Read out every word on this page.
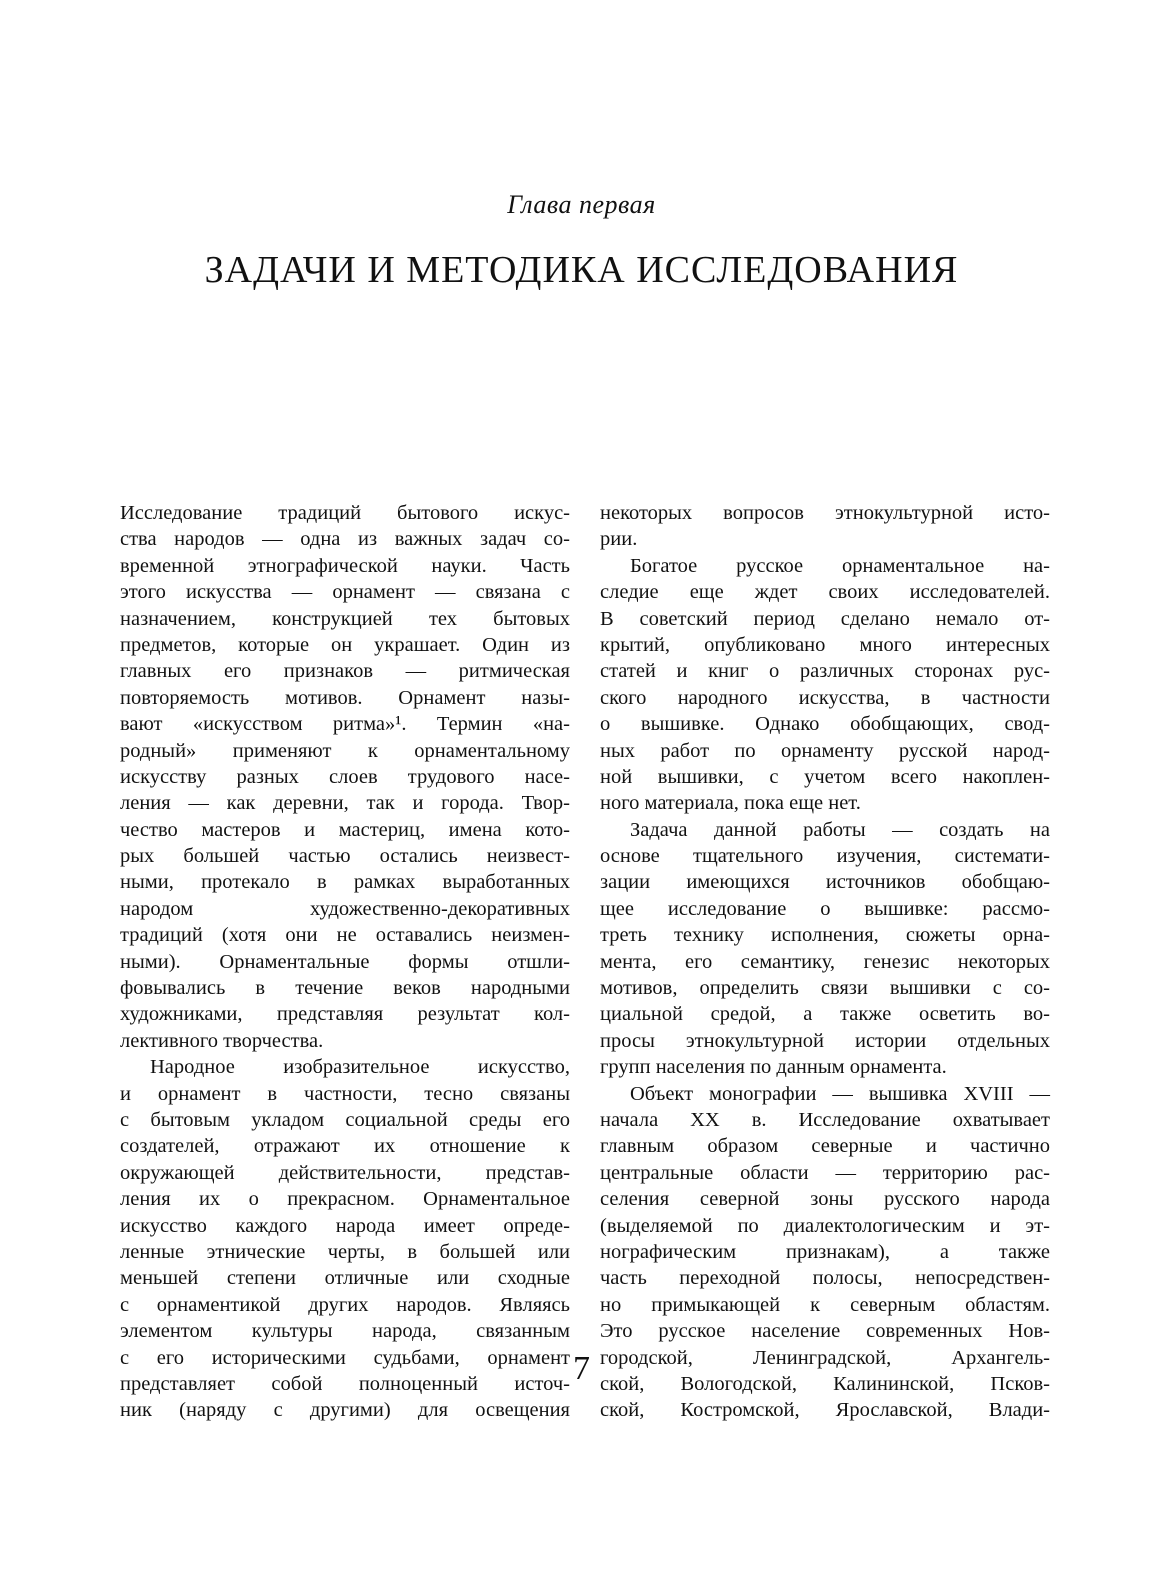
Глава первая
ЗАДАЧИ И МЕТОДИКА ИССЛЕДОВАНИЯ
Исследование традиций бытового искус-
ства народов — одна из важных задач со-
временной этнографической науки. Часть
этого искусства — орнамент — связана с
назначением, конструкцией тех бытовых
предметов, которые он украшает. Один из
главных его признаков — ритмическая
повторяемость мотивов. Орнамент назы-
вают «искусством ритма»¹. Термин «на-
родный» применяют к орнаментальному
искусству разных слоев трудового насе-
ления — как деревни, так и города. Твор-
чество мастеров и мастериц, имена кото-
рых большей частью остались неизвест-
ными, протекало в рамках выработанных
народом художественно-декоративных
традиций (хотя они не оставались неизмен-
ными). Орнаментальные формы отшли-
фовывались в течение веков народными
художниками, представляя результат кол-
лективного творчества.
Народное изобразительное искусство,
и орнамент в частности, тесно связаны
с бытовым укладом социальной среды его
создателей, отражают их отношение к
окружающей действительности, представ-
ления их о прекрасном. Орнаментальное
искусство каждого народа имеет опреде-
ленные этнические черты, в большей или
меньшей степени отличные или сходные
с орнаментикой других народов. Являясь
элементом культуры народа, связанным
с его историческими судьбами, орнамент
представляет собой полноценный источ-
ник (наряду с другими) для освещения
некоторых вопросов этнокультурной исто-
рии.
Богатое русское орнаментальное на-
следие еще ждет своих исследователей.
В советский период сделано немало от-
крытий, опубликовано много интересных
статей и книг о различных сторонах рус-
ского народного искусства, в частности
о вышивке. Однако обобщающих, свод-
ных работ по орнаменту русской народ-
ной вышивки, с учетом всего накоплен-
ного материала, пока еще нет.
Задача данной работы — создать на
основе тщательного изучения, системати-
зации имеющихся источников обобщаю-
щее исследование о вышивке: рассмо-
треть технику исполнения, сюжеты орна-
мента, его семантику, генезис некоторых
мотивов, определить связи вышивки с со-
циальной средой, а также осветить во-
просы этнокультурной истории отдельных
групп населения по данным орнамента.
Объект монографии — вышивка XVIII —
начала XX в. Исследование охватывает
главным образом северные и частично
центральные области — территорию рас-
селения северной зоны русского народа
(выделяемой по диалектологическим и эт-
нографическим признакам), а также
часть переходной полосы, непосредствен-
но примыкающей к северным областям.
Это русское население современных Нов-
городской, Ленинградской, Архангель-
ской, Вологодской, Калининской, Псков-
ской, Костромской, Ярославской, Влади-
7
